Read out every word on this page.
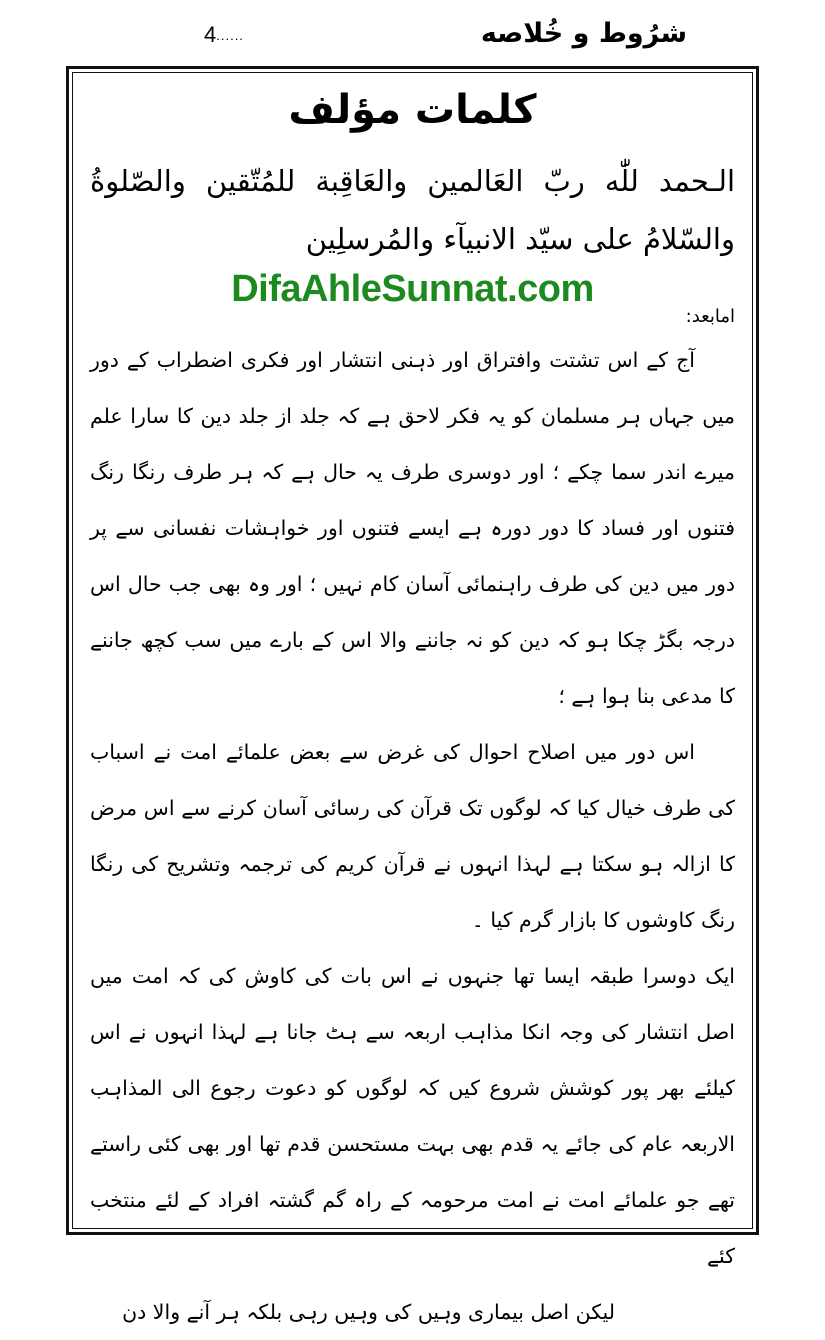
شرُوط و خُلاصه
4......
کلمات مؤلف

الـحمد للّٰه ربّ العَالمین والعَاقِبة للمُتّقین والصّلوةُ والسّلامُ علی سیّد الانبیآء والمُرسلِین

DifaAhleSunnat.com
امابعد:

آج کے اس تشتت وافتراق اور ذہنی انتشار اور فکری اضطراب کے دور میں جہاں ہر مسلمان کو یہ فکر لاحق ہے کہ جلد از جلد دین کا سارا علم میرے اندر سما چکے ؛ اور دوسری طرف یہ حال ہے کہ ہر طرف رنگا رنگ فتنوں اور فساد کا دور دورہ ہے ایسے فتنوں اور خواہشات نفسانی سے پر دور میں دین کی طرف راہنمائی آسان کام نہیں ؛ اور وہ بھی جب حال اس درجہ بگڑ چکا ہو کہ دین کو نہ جاننے والا اس کے بارے میں سب کچھ جاننے کا مدعی بنا ہوا ہے ؛

اس دور میں اصلاح احوال کی غرض سے بعض علمائے امت نے اسباب کی طرف خیال کیا کہ لوگوں تک قرآن کی رسائی آسان کرنے سے اس مرض کا ازالہ ہو سکتا ہے لہذا انہوں نے قرآن کریم کی ترجمہ وتشریح کی رنگا رنگ کاوشوں کا بازار گرم کیا ۔

ایک دوسرا طبقہ ایسا تھا جنہوں نے اس بات کی کاوش کی کہ امت میں اصل انتشار کی وجہ انکا مذاہب اربعہ سے ہٹ جانا ہے لہذا انہوں نے اس کیلئے بھر پور کوشش شروع کیں کہ لوگوں کو دعوت رجوع الی المذاہب الاربعہ عام کی جائے یہ قدم بھی بہت مستحسن قدم تھا اور بھی کئی راستے تھے جو علمائے امت نے امت مرحومہ کے راہ گم گشتہ افراد کے لئے منتخب کئے

لیکن اصل بیماری وہیں کی وہیں رہی بلکہ ہر آنے والا دن
